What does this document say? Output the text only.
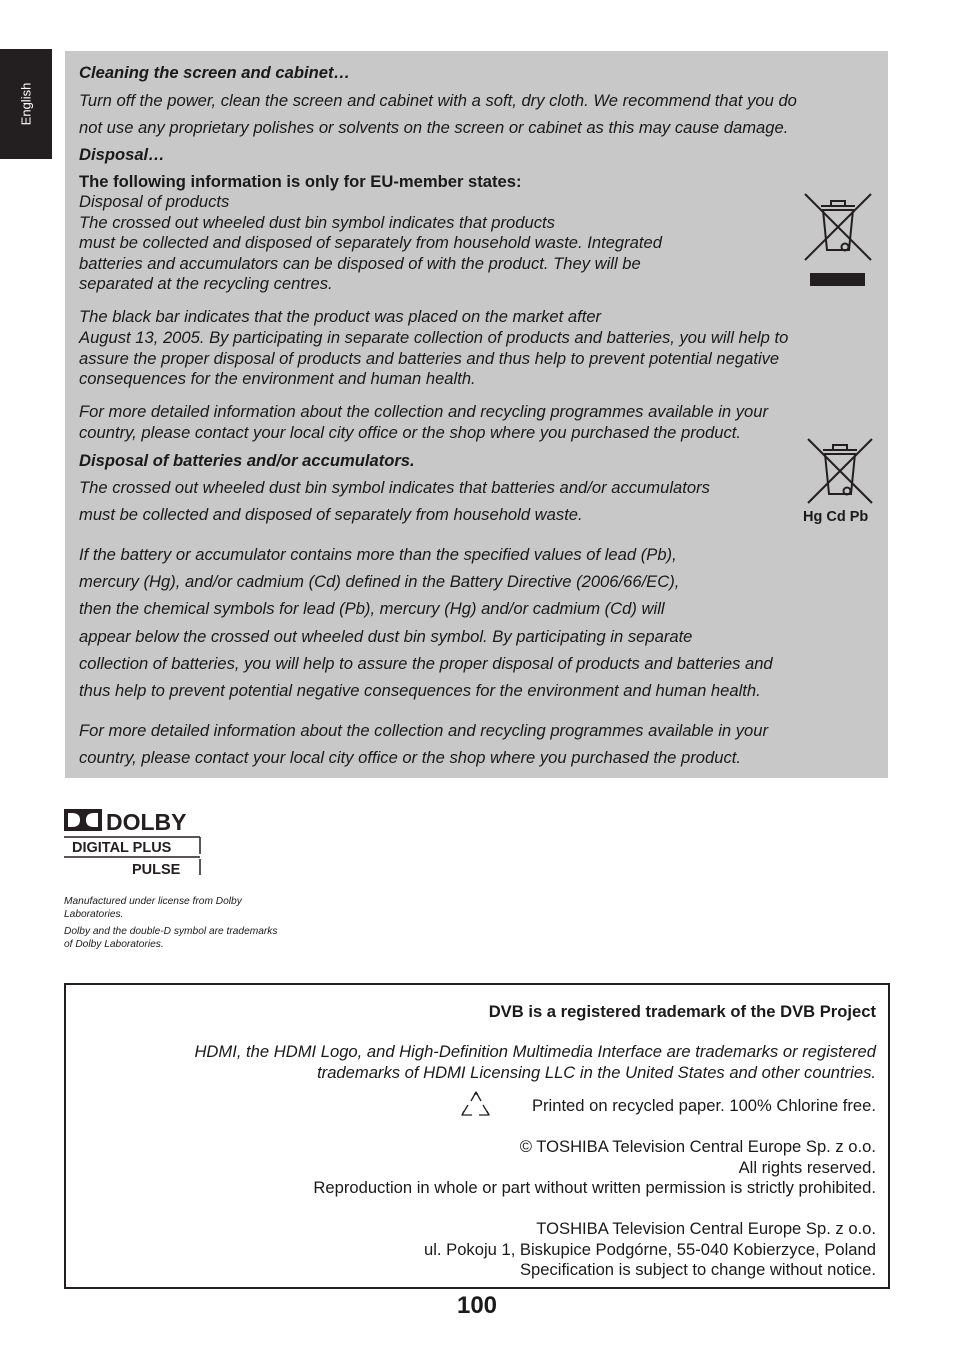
English
Cleaning the screen and cabinet…
Turn off the power, clean the screen and cabinet with a soft, dry cloth. We recommend that you do
not use any proprietary polishes or solvents on the screen or cabinet as this may cause damage.
Disposal…
The following information is only for EU-member states:
Disposal of products
The crossed out wheeled dust bin symbol indicates that products
must be collected and disposed of separately from household waste. Integrated
batteries and accumulators can be disposed of with the product. They will be
separated at the recycling centres.
The black bar indicates that the product was placed on the market after
August 13, 2005. By participating in separate collection of products and batteries, you will help to
assure the proper disposal of products and batteries and thus help to prevent potential negative
consequences for the environment and human health.
For more detailed information about the collection and recycling programmes available in your
country, please contact your local city office or the shop where you purchased the product.
Disposal of batteries and/or accumulators.
The crossed out wheeled dust bin symbol indicates that batteries and/or accumulators
must be collected and disposed of separately from household waste.	Hg Cd Pb
If the battery or accumulator contains more than the specified values of lead (Pb),
mercury (Hg), and/or cadmium (Cd) defined in the Battery Directive (2006/66/EC),
then the chemical symbols for lead (Pb), mercury (Hg) and/or cadmium (Cd) will
appear below the crossed out wheeled dust bin symbol. By participating in separate
collection of batteries, you will help to assure the proper disposal of products and batteries and
thus help to prevent potential negative consequences for the environment and human health.
For more detailed information about the collection and recycling programmes available in your
country, please contact your local city office or the shop where you purchased the product.
DOLBY
DIGITAL PLUS
PULSE
Manufactured under license from Dolby
Laboratories.
Dolby and the double-D symbol are trademarks
of Dolby Laboratories.
DVB is a registered trademark of the DVB Project
HDMI, the HDMI Logo, and High-Definition Multimedia Interface are trademarks or registered
trademarks of HDMI Licensing LLC in the United States and other countries.
Printed on recycled paper. 100% Chlorine free.
© TOSHIBA Television Central Europe Sp. z o.o.
All rights reserved.
Reproduction in whole or part without written permission is strictly prohibited.
TOSHIBA Television Central Europe Sp. z o.o.
ul. Pokoju 1, Biskupice Podgórne, 55-040 Kobierzyce, Poland
Specification is subject to change without notice.
100
